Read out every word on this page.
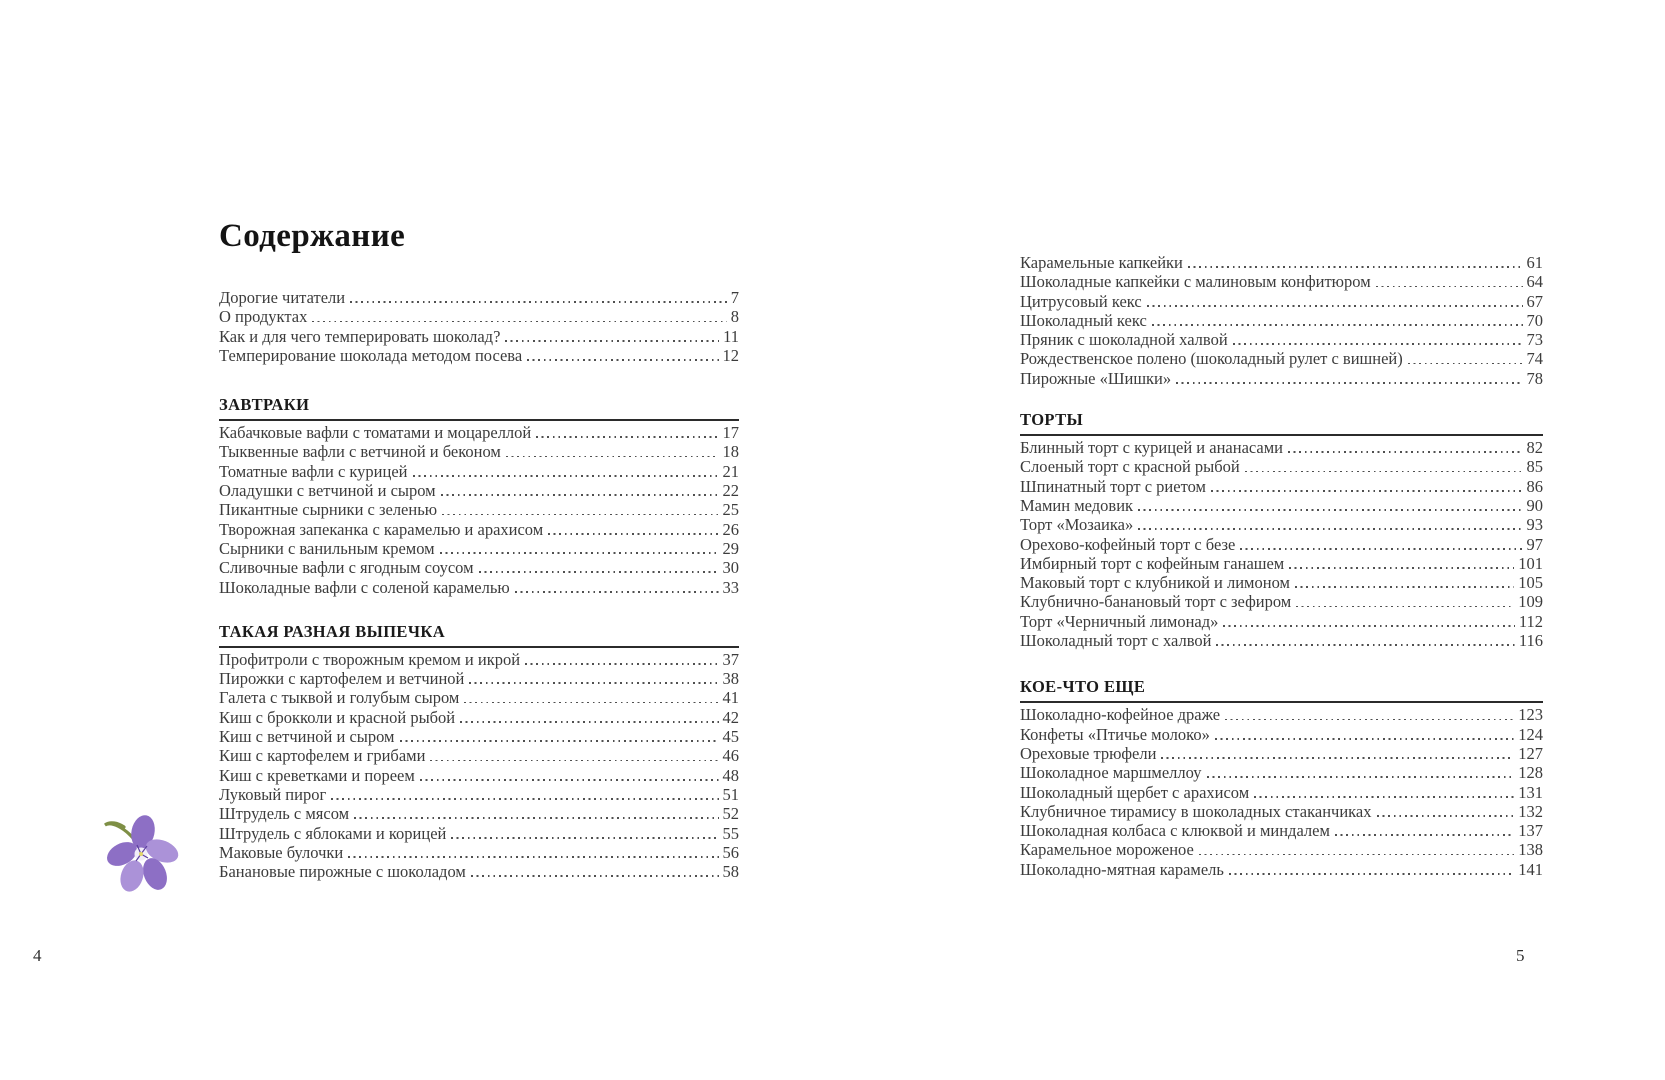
Содержание
Дорогие читатели	7
О продуктах	8
Как и для чего темперировать шоколад?	11
Темперирование шоколада методом посева	12
ЗАВТРАКИ
Кабачковые вафли с томатами и моцареллой	17
Тыквенные вафли с ветчиной и беконом	18
Томатные вафли с курицей	21
Оладушки с ветчиной и сыром	22
Пикантные сырники с зеленью	25
Творожная запеканка с карамелью и арахисом	26
Сырники с ванильным кремом	29
Сливочные вафли с ягодным соусом	30
Шоколадные вафли с соленой карамелью	33
ТАКАЯ РАЗНАЯ ВЫПЕЧКА
Профитроли с творожным кремом и икрой	37
Пирожки с картофелем и ветчиной	38
Галета с тыквой и голубым сыром	41
Киш с брокколи и красной рыбой	42
Киш с ветчиной и сыром	45
Киш с картофелем и грибами	46
Киш с креветками и пореем	48
Луковый пирог	51
Штрудель с мясом	52
Штрудель с яблоками и корицей	55
Маковые булочки	56
Банановые пирожные с шоколадом	58
Карамельные капкейки	61
Шоколадные капкейки с малиновым конфитюром	64
Цитрусовый кекс	67
Шоколадный кекс	70
Пряник с шоколадной халвой	73
Рождественское полено (шоколадный рулет с вишней)	74
Пирожные «Шишки»	78
ТОРТЫ
Блинный торт с курицей и ананасами	82
Слоеный торт с красной рыбой	85
Шпинатный торт с риетом	86
Мамин медовик	90
Торт «Мозаика»	93
Орехово-кофейный торт с безе	97
Имбирный торт с кофейным ганашем	101
Маковый торт с клубникой и лимоном	105
Клубнично-банановый торт с зефиром	109
Торт «Черничный лимонад»	112
Шоколадный торт с халвой	116
КОЕ-ЧТО ЕЩЕ
Шоколадно-кофейное драже	123
Конфеты «Птичье молоко»	124
Ореховые трюфели	127
Шоколадное маршмеллоу	128
Шоколадный щербет с арахисом	131
Клубничное тирамису в шоколадных стаканчиках	132
Шоколадная колбаса с клюквой и миндалем	137
Карамельное мороженое	138
Шоколадно-мятная карамель	141
4	5
